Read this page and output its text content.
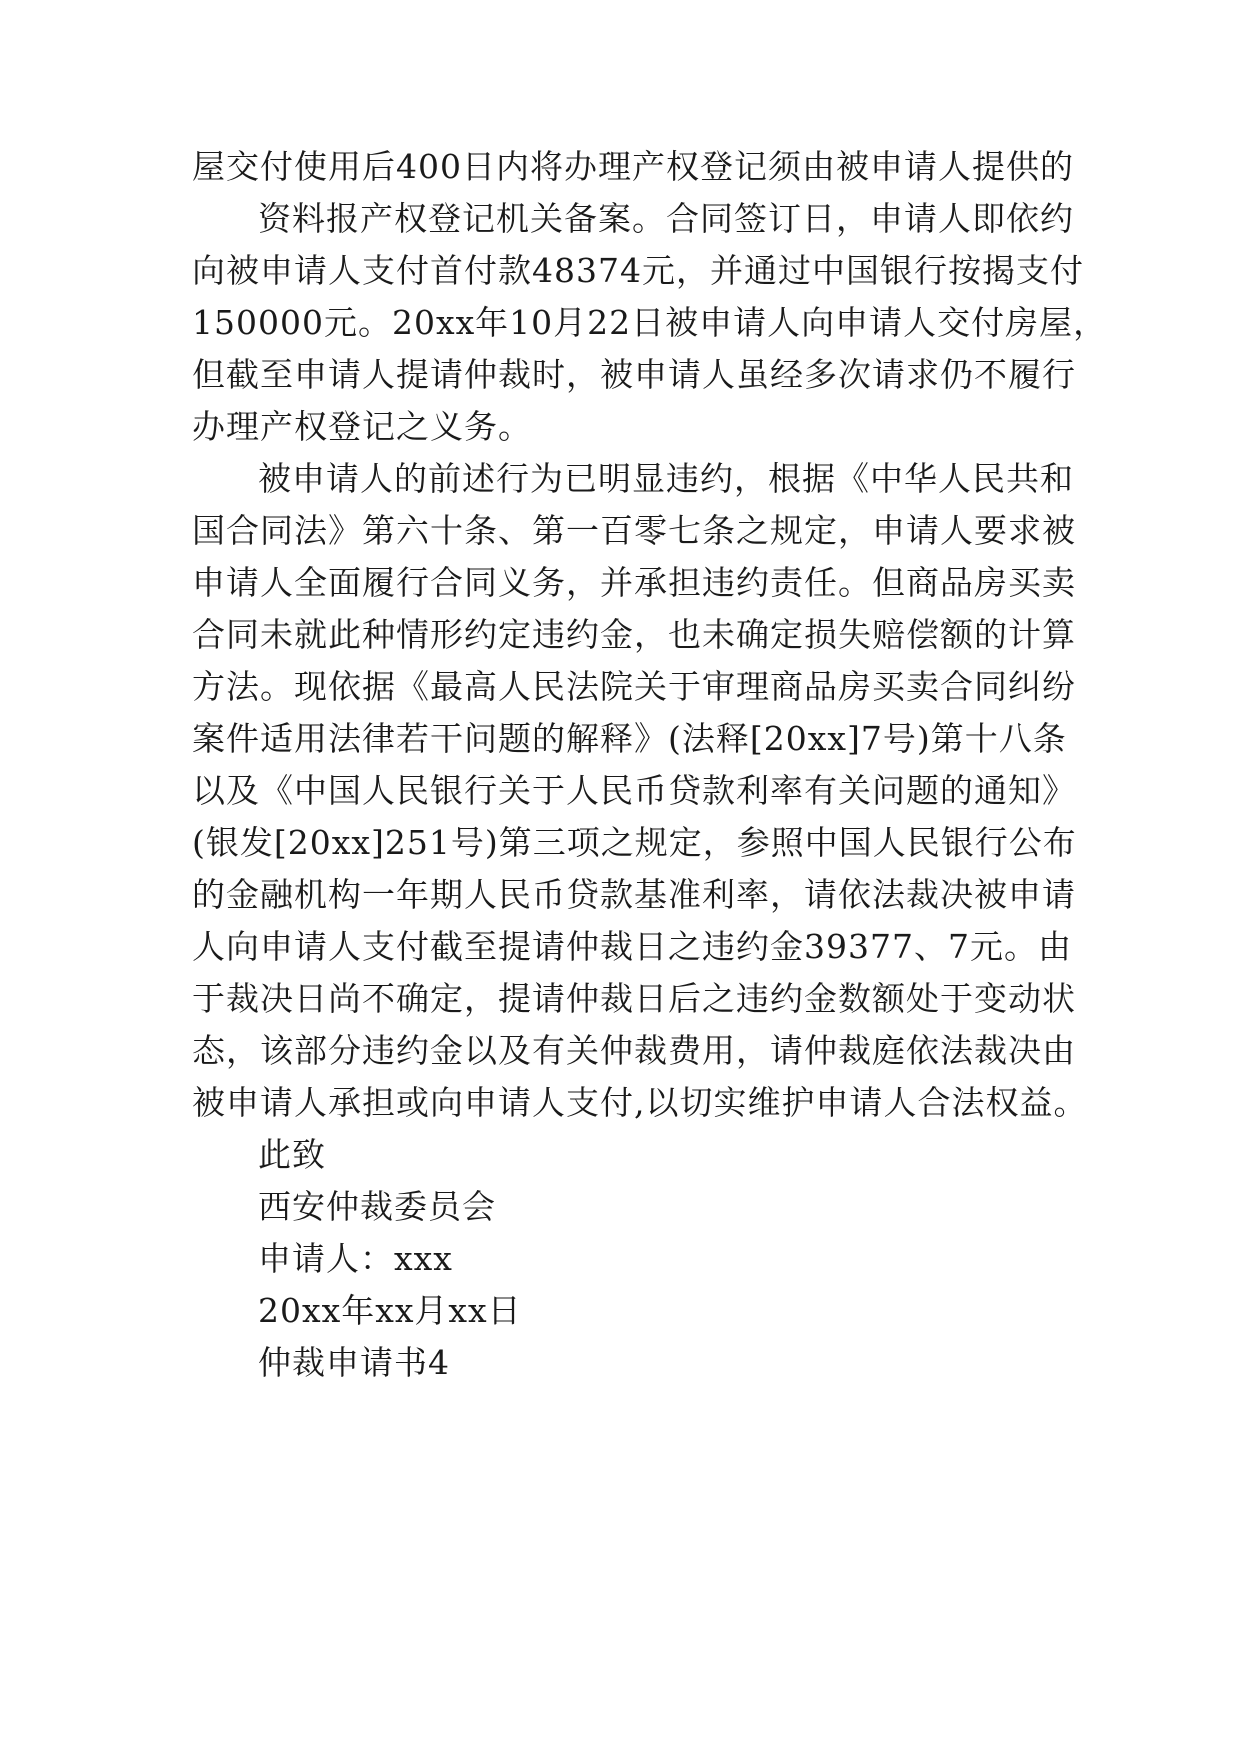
屋交付使用后400日内将办理产权登记须由被申请人提供的

资料报产权登记机关备案。合同签订日，申请人即依约

向被申请人支付首付款48374元，并通过中国银行按揭支付

150000元。20xx年10月22日被申请人向申请人交付房屋，

但截至申请人提请仲裁时，被申请人虽经多次请求仍不履行

办理产权登记之义务。

被申请人的前述行为已明显违约，根据《中华人民共和

国合同法》第六十条、第一百零七条之规定，申请人要求被

申请人全面履行合同义务，并承担违约责任。但商品房买卖

合同未就此种情形约定违约金，也未确定损失赔偿额的计算

方法。现依据《最高人民法院关于审理商品房买卖合同纠纷

案件适用法律若干问题的解释》(法释[20xx]7号)第十八条

以及《中国人民银行关于人民币贷款利率有关问题的通知》

(银发[20xx]251号)第三项之规定，参照中国人民银行公布

的金融机构一年期人民币贷款基准利率，请依法裁决被申请

人向申请人支付截至提请仲裁日之违约金39377、7元。由

于裁决日尚不确定，提请仲裁日后之违约金数额处于变动状

态，该部分违约金以及有关仲裁费用，请仲裁庭依法裁决由

被申请人承担或向申请人支付,以切实维护申请人合法权益。

此致

西安仲裁委员会

申请人：xxx

20xx年xx月xx日

仲裁申请书4
